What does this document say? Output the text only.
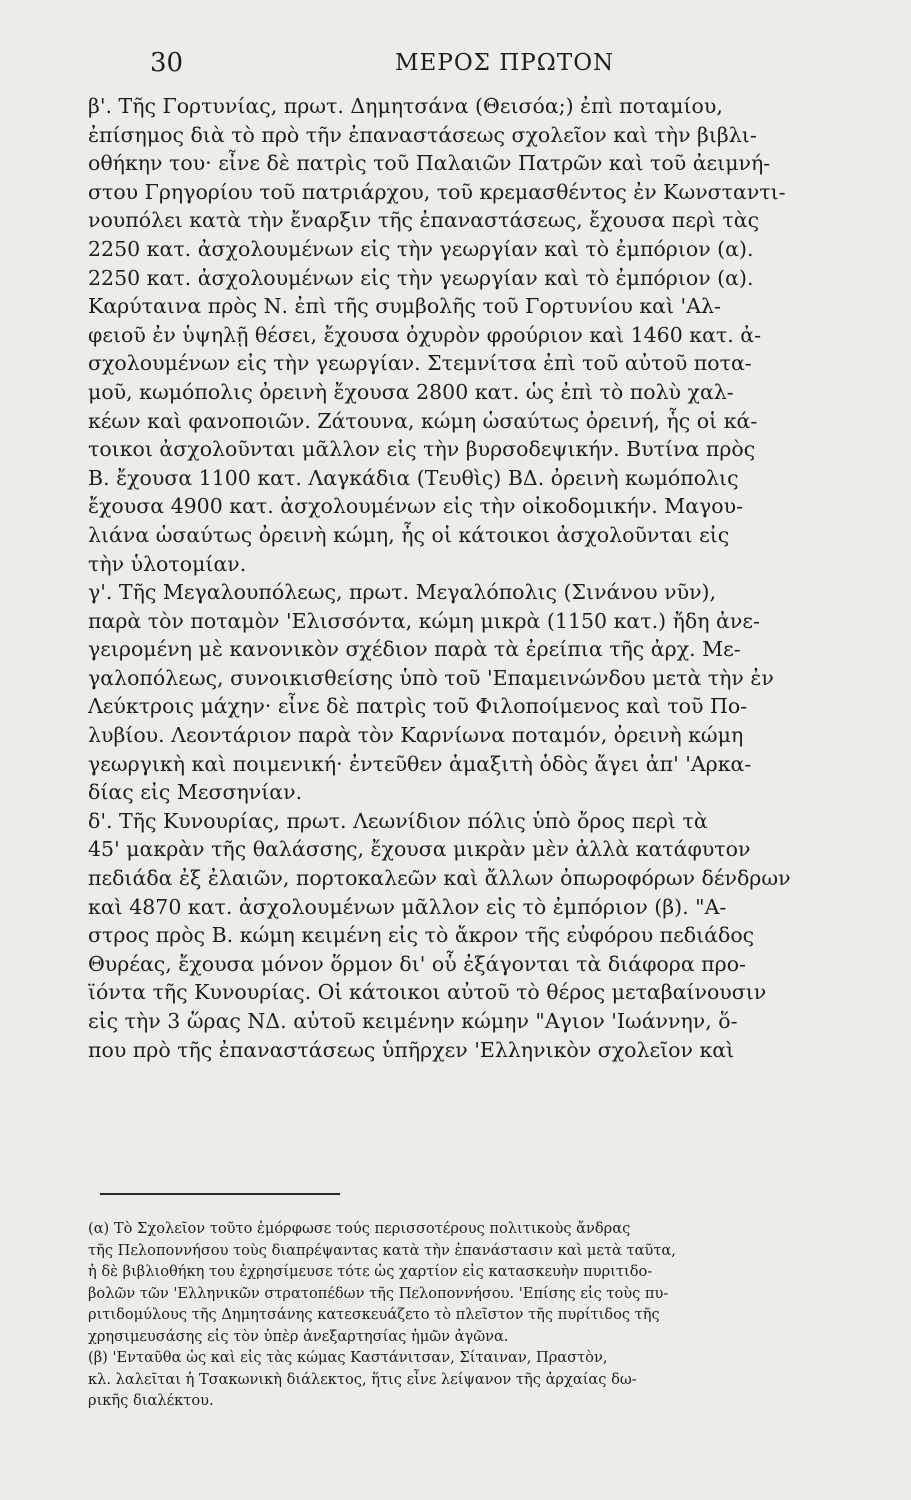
30	ΜΕΡΟΣ ΠΡΩΤΟΝ
β'. Τῆς Γορτυνίας, πρωτ. Δημητσάνα (Θεισόα;) ἐπὶ ποταμίου,
ἐπίσημος διὰ τὸ πρὸ τῆν ἐπαναστάσεως σχολεῖον καὶ τὴν βιβλι-
οθήκην του· εἶνε δὲ πατρὶς τοῦ Παλαιῶν Πατρῶν καὶ τοῦ ἀειμνή-
στου Γρηγορίου τοῦ πατριάρχου, τοῦ κρεμασθέντος ἐν Κωνσταντι-
νουπόλει κατὰ τὴν ἔναρξιν τῆς ἐπαναστάσεως, ἔχουσα περὶ τὰς
2250 κατ. ἀσχολουμένων εἰς τὴν γεωργίαν καὶ τὸ ἐμπόριον (α).
2250 κατ. ἀσχολουμένων εἰς τὴν γεωργίαν καὶ τὸ ἐμπόριον (α).
Καρύταινα πρὸς Ν. ἐπὶ τῆς συμβολῆς τοῦ Γορτυνίου καὶ 'Αλ-
φειοῦ ἐν ὑψηλῇ θέσει, ἔχουσα ὀχυρὸν φρούριον καὶ 1460 κατ. ἀ-
σχολουμένων εἰς τὴν γεωργίαν. Στεμνίτσα ἐπὶ τοῦ αὐτοῦ ποτα-
μοῦ, κωμόπολις ὀρεινὴ ἔχουσα 2800 κατ. ὡς ἐπὶ τὸ πολὺ χαλ-
κέων καὶ φανοποιῶν. Ζάτουνα, κώμη ὡσαύτως ὀρεινή, ἧς οἱ κά-
τοικοι ἀσχολοῦνται μᾶλλον εἰς τὴν βυρσοδεψικήν. Βυτίνα πρὸς
Β. ἔχουσα 1100 κατ. Λαγκάδια (Τευθὶς) ΒΔ. ὀρεινὴ κωμόπολις
ἔχουσα 4900 κατ. ἀσχολουμένων εἰς τὴν οἰκοδομικήν. Μαγου-
λιάνα ὡσαύτως ὀρεινὴ κώμη, ἧς οἱ κάτοικοι ἀσχολοῦνται εἰς
τὴν ὑλοτομίαν.
γ'. Τῆς Μεγαλουπόλεως, πρωτ. Μεγαλόπολις (Σινάνου νῦν),
παρὰ τὸν ποταμὸν 'Ελισσόντα, κώμη μικρὰ (1150 κατ.) ἤδη ἀνε-
γειρομένη μὲ κανονικὸν σχέδιον παρὰ τὰ ἐρείπια τῆς ἀρχ. Με-
γαλοπόλεως, συνοικισθείσης ὑπὸ τοῦ 'Επαμεινώνδου μετὰ τὴν ἐν
Λεύκτροις μάχην· εἶνε δὲ πατρὶς τοῦ Φιλοποίμενος καὶ τοῦ Πο-
λυβίου. Λεοντάριον παρὰ τὸν Καρνίωνα ποταμόν, ὀρεινὴ κώμη
γεωργικὴ καὶ ποιμενική· ἐντεῦθεν ἁμαξιτὴ ὁδὸς ἄγει ἀπ' 'Αρκα-
δίας εἰς Μεσσηνίαν.
δ'. Τῆς Κυνουρίας, πρωτ. Λεωνίδιον πόλις ὑπὸ ὄρος περὶ τὰ
45' μακρὰν τῆς θαλάσσης, ἔχουσα μικρὰν μὲν ἀλλὰ κατάφυτον
πεδιάδα ἐξ ἐλαιῶν, πορτοκαλεῶν καὶ ἄλλων ὀπωροφόρων δένδρων
καὶ 4870 κατ. ἀσχολουμένων μᾶλλον εἰς τὸ ἐμπόριον (β). "Α-
στρος πρὸς Β. κώμη κειμένη εἰς τὸ ἄκρον τῆς εὐφόρου πεδιάδος
Θυρέας, ἔχουσα μόνον ὅρμον δι' οὗ ἐξάγονται τὰ διάφορα προ-
ϊόντα τῆς Κυνουρίας. Οἱ κάτοικοι αὐτοῦ τὸ θέρος μεταβαίνουσιν
εἰς τὴν 3 ὥρας ΝΔ. αὐτοῦ κειμένην κώμην "Αγιον 'Ιωάννην, ὅ-
που πρὸ τῆς ἐπαναστάσεως ὑπῆρχεν 'Ελληνικὸν σχολεῖον καὶ
(α) Τὸ Σχολεῖον τοῦτο ἐμόρφωσε τούς περισσοτέρους πολιτικοὺς ἄνδρας
τῆς Πελοποννήσου τοὺς διαπρέψαντας κατὰ τὴν ἐπανάστασιν καὶ μετὰ ταῦτα,
ἡ δὲ βιβλιοθήκη του ἐχρησίμευσε τότε ὡς χαρτίον εἰς κατασκευὴν πυριτιδο-
βολῶν τῶν 'Ελληνικῶν στρατοπέδων τῆς Πελοποννήσου. 'Επίσης εἰς τοὺς πυ-
ριτιδομύλους τῆς Δημητσάνης κατεσκευάζετο τὸ πλεῖστον τῆς πυρίτιδος τῆς
χρησιμευσάσης εἰς τὸν ὑπὲρ ἀνεξαρτησίας ἡμῶν ἀγῶνα.
(β) 'Ενταῦθα ὡς καὶ εἰς τὰς κώμας Καστάνιτσαν, Σίταιναν, Πραστὸν,
κλ. λαλεῖται ἡ Τσακωνικὴ διάλεκτος, ἥτις εἶνε λείψανον τῆς ἀρχαίας δω-
ρικῆς διαλέκτου.
